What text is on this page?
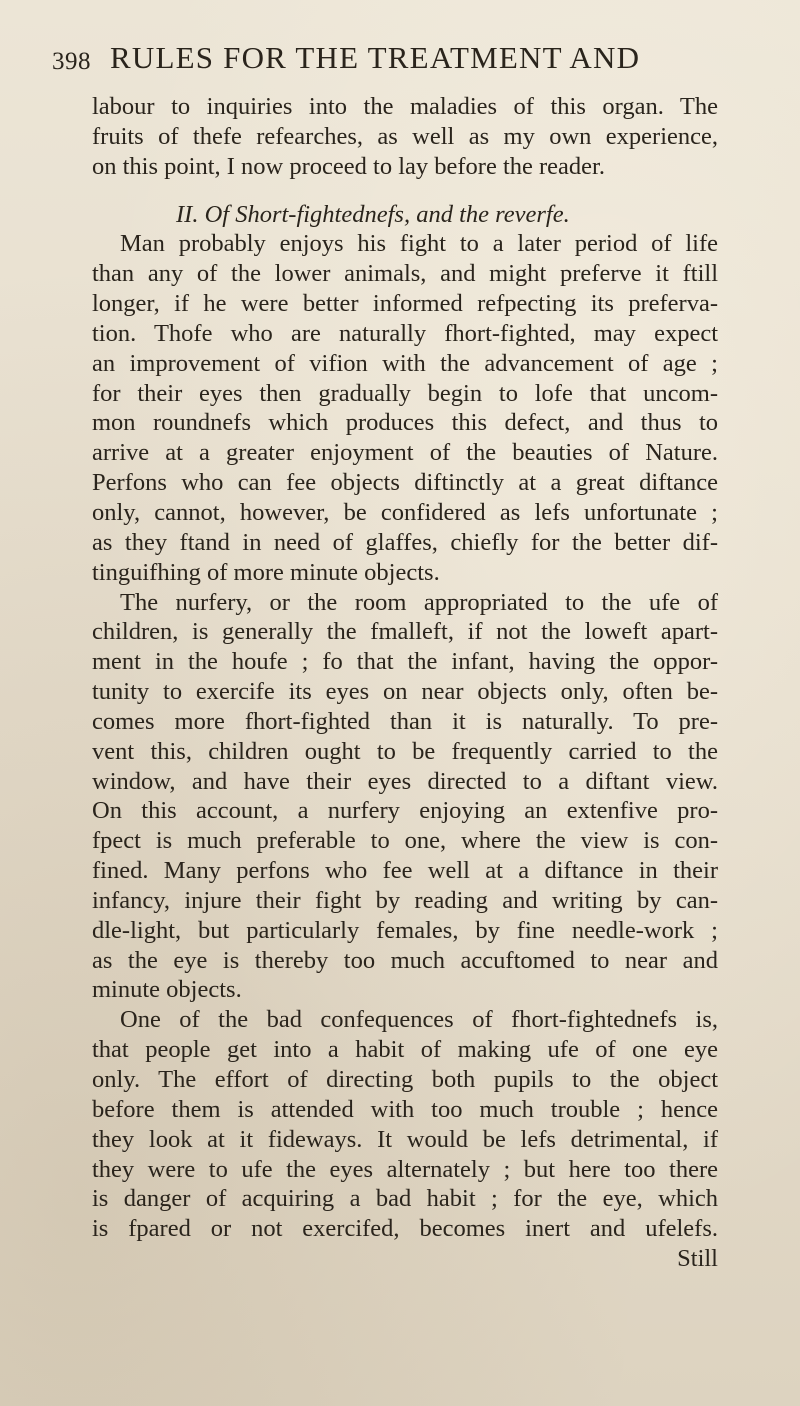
398 RULES FOR THE TREATMENT AND
labour to inquiries into the maladies of this organ. The
fruits of thefe refearches, as well as my own experience,
on this point, I now proceed to lay before the reader.
II. Of Short-fightednefs, and the reverfe.
Man probably enjoys his fight to a later period of life
than any of the lower animals, and might preferve it ftill
longer, if he were better informed refpecting its preferva-
tion. Thofe who are naturally fhort-fighted, may expect
an improvement of vifion with the advancement of age ;
for their eyes then gradually begin to lofe that uncom-
mon roundnefs which produces this defect, and thus to
arrive at a greater enjoyment of the beauties of Nature.
Perfons who can fee objects diftinctly at a great diftance
only, cannot, however, be confidered as lefs unfortunate ;
as they ftand in need of glaffes, chiefly for the better dif-
tinguifhing of more minute objects.
The nurfery, or the room appropriated to the ufe of
children, is generally the fmalleft, if not the loweft apart-
ment in the houfe ; fo that the infant, having the oppor-
tunity to exercife its eyes on near objects only, often be-
comes more fhort-fighted than it is naturally. To pre-
vent this, children ought to be frequently carried to the
window, and have their eyes directed to a diftant view.
On this account, a nurfery enjoying an extenfive pro-
fpect is much preferable to one, where the view is con-
fined. Many perfons who fee well at a diftance in their
infancy, injure their fight by reading and writing by can-
dle-light, but particularly females, by fine needle-work ;
as the eye is thereby too much accuftomed to near and
minute objects.
One of the bad confequences of fhort-fightednefs is,
that people get into a habit of making ufe of one eye
only. The effort of directing both pupils to the object
before them is attended with too much trouble ; hence
they look at it fideways. It would be lefs detrimental, if
they were to ufe the eyes alternately ; but here too there
is danger of acquiring a bad habit ; for the eye, which
is fpared or not exercifed, becomes inert and ufelefs.
Still
